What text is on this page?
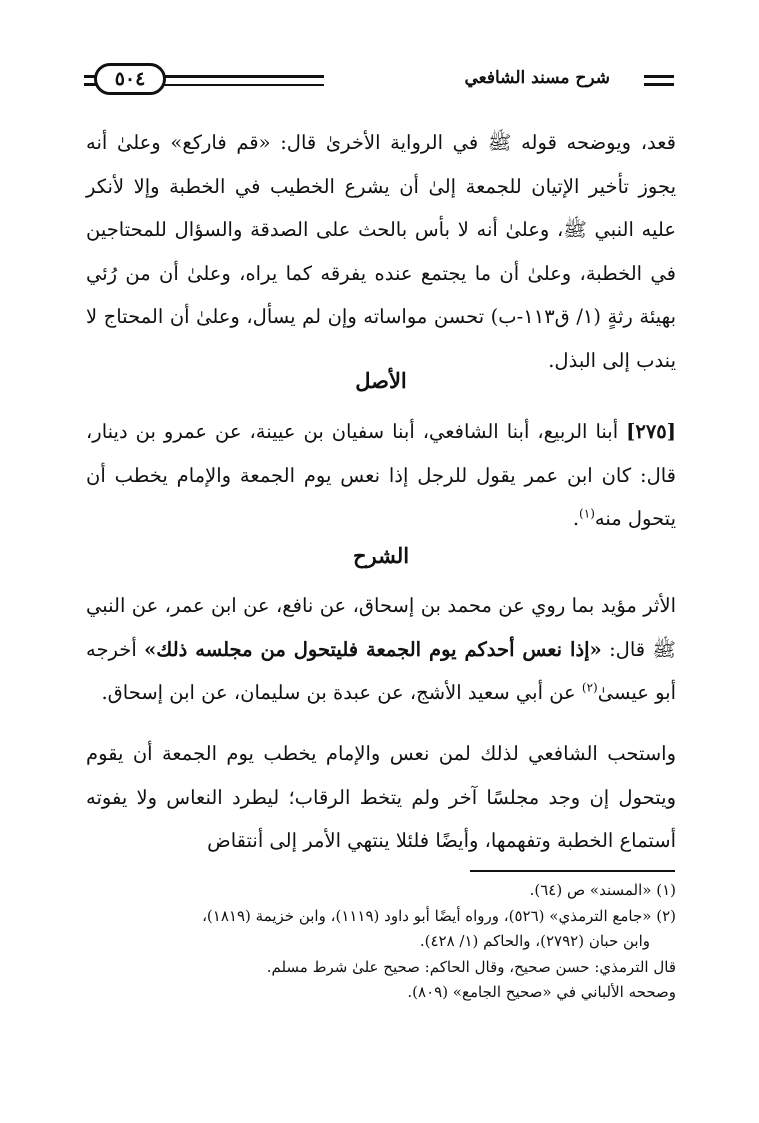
شرح مسند الشافعي
٥٠٤

قعد، ويوضحه قوله ﷺ في الرواية الأخرىٰ قال: «قم فاركع» وعلىٰ أنه يجوز تأخير الإتيان للجمعة إلىٰ أن يشرع الخطيب في الخطبة وإلا لأنكر عليه النبي ﷺ، وعلىٰ أنه لا بأس بالحث على الصدقة والسؤال للمحتاجين في الخطبة، وعلىٰ أن ما يجتمع عنده يفرقه كما يراه، وعلىٰ أن من رُئي بهيئة رثةٍ (١/ ق١١٣-ب) تحسن مواساته وإن لم يسأل، وعلىٰ أن المحتاج لا يندب إلى البذل.

الأصل

[٢٧٥] أبنا الربيع، أبنا الشافعي، أبنا سفيان بن عيينة، عن عمرو بن دينار، قال: كان ابن عمر يقول للرجل إذا نعس يوم الجمعة والإمام يخطب أن يتحول منه$^{(١)}$.

الشرح

الأثر مؤيد بما روي عن محمد بن إسحاق، عن نافع، عن ابن عمر، عن النبي ﷺ قال: «إذا نعس أحدكم يوم الجمعة فليتحول من مجلسه ذلك» أخرجه أبو عيسىٰ$^{(٢)}$ عن أبي سعيد الأشج، عن عبدة بن سليمان، عن ابن إسحاق.

واستحب الشافعي لذلك لمن نعس والإمام يخطب يوم الجمعة أن يقوم ويتحول إن وجد مجلسًا آخر ولم يتخط الرقاب؛ ليطرد النعاس ولا يفوته أستماع الخطبة وتفهمها، وأيضًا فلئلا ينتهي الأمر إلى أنتقاض

(١) «المسند» ص (٦٤).

(٢) «جامع الترمذي» (٥٢٦)، ورواه أيضًا أبو داود (١١١٩)، وابن خزيمة (١٨١٩)،

وابن حبان (٢٧٩٢)، والحاكم (١/ ٤٢٨).

قال الترمذي: حسن صحيح، وقال الحاكم: صحيح علىٰ شرط مسلم.

وصححه الألباني في «صحيح الجامع» (٨٠٩).
